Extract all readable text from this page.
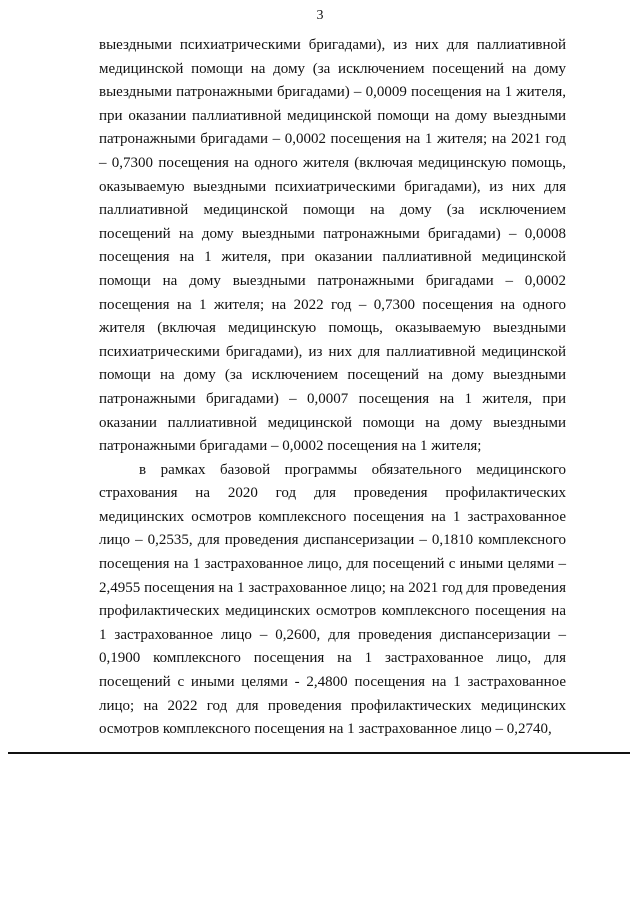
3

выездными психиатрическими бригадами), из них для паллиативной медицинской помощи на дому (за исключением посещений на дому выездными патронажными бригадами) – 0,0009 посещения на 1 жителя, при оказании паллиативной медицинской помощи на дому выездными патронажными бригадами – 0,0002 посещения на 1 жителя; на 2021 год – 0,7300 посещения на одного жителя (включая медицинскую помощь, оказываемую выездными психиатрическими бригадами), из них для паллиативной медицинской помощи на дому (за исключением посещений на дому выездными патронажными бригадами) – 0,0008 посещения на 1 жителя, при оказании паллиативной медицинской помощи на дому выездными патронажными бригадами – 0,0002 посещения на 1 жителя; на 2022 год – 0,7300 посещения на одного жителя (включая медицинскую помощь, оказываемую выездными психиатрическими бригадами), из них для паллиативной медицинской помощи на дому (за исключением посещений на дому выездными патронажными бригадами) – 0,0007 посещения на 1 жителя, при оказании паллиативной медицинской помощи на дому выездными патронажными бригадами – 0,0002 посещения на 1 жителя;

в рамках базовой программы обязательного медицинского страхования на 2020 год для проведения профилактических медицинских осмотров комплексного посещения на 1 застрахованное лицо – 0,2535, для проведения диспансеризации – 0,1810 комплексного посещения на 1 застрахованное лицо, для посещений с иными целями – 2,4955 посещения на 1 застрахованное лицо; на 2021 год для проведения профилактических медицинских осмотров комплексного посещения на 1 застрахованное лицо – 0,2600, для проведения диспансеризации – 0,1900 комплексного посещения на 1 застрахованное лицо, для посещений с иными целями - 2,4800 посещения на 1 застрахованное лицо; на 2022 год для проведения профилактических медицинских осмотров комплексного посещения на 1 застрахованное лицо – 0,2740,
